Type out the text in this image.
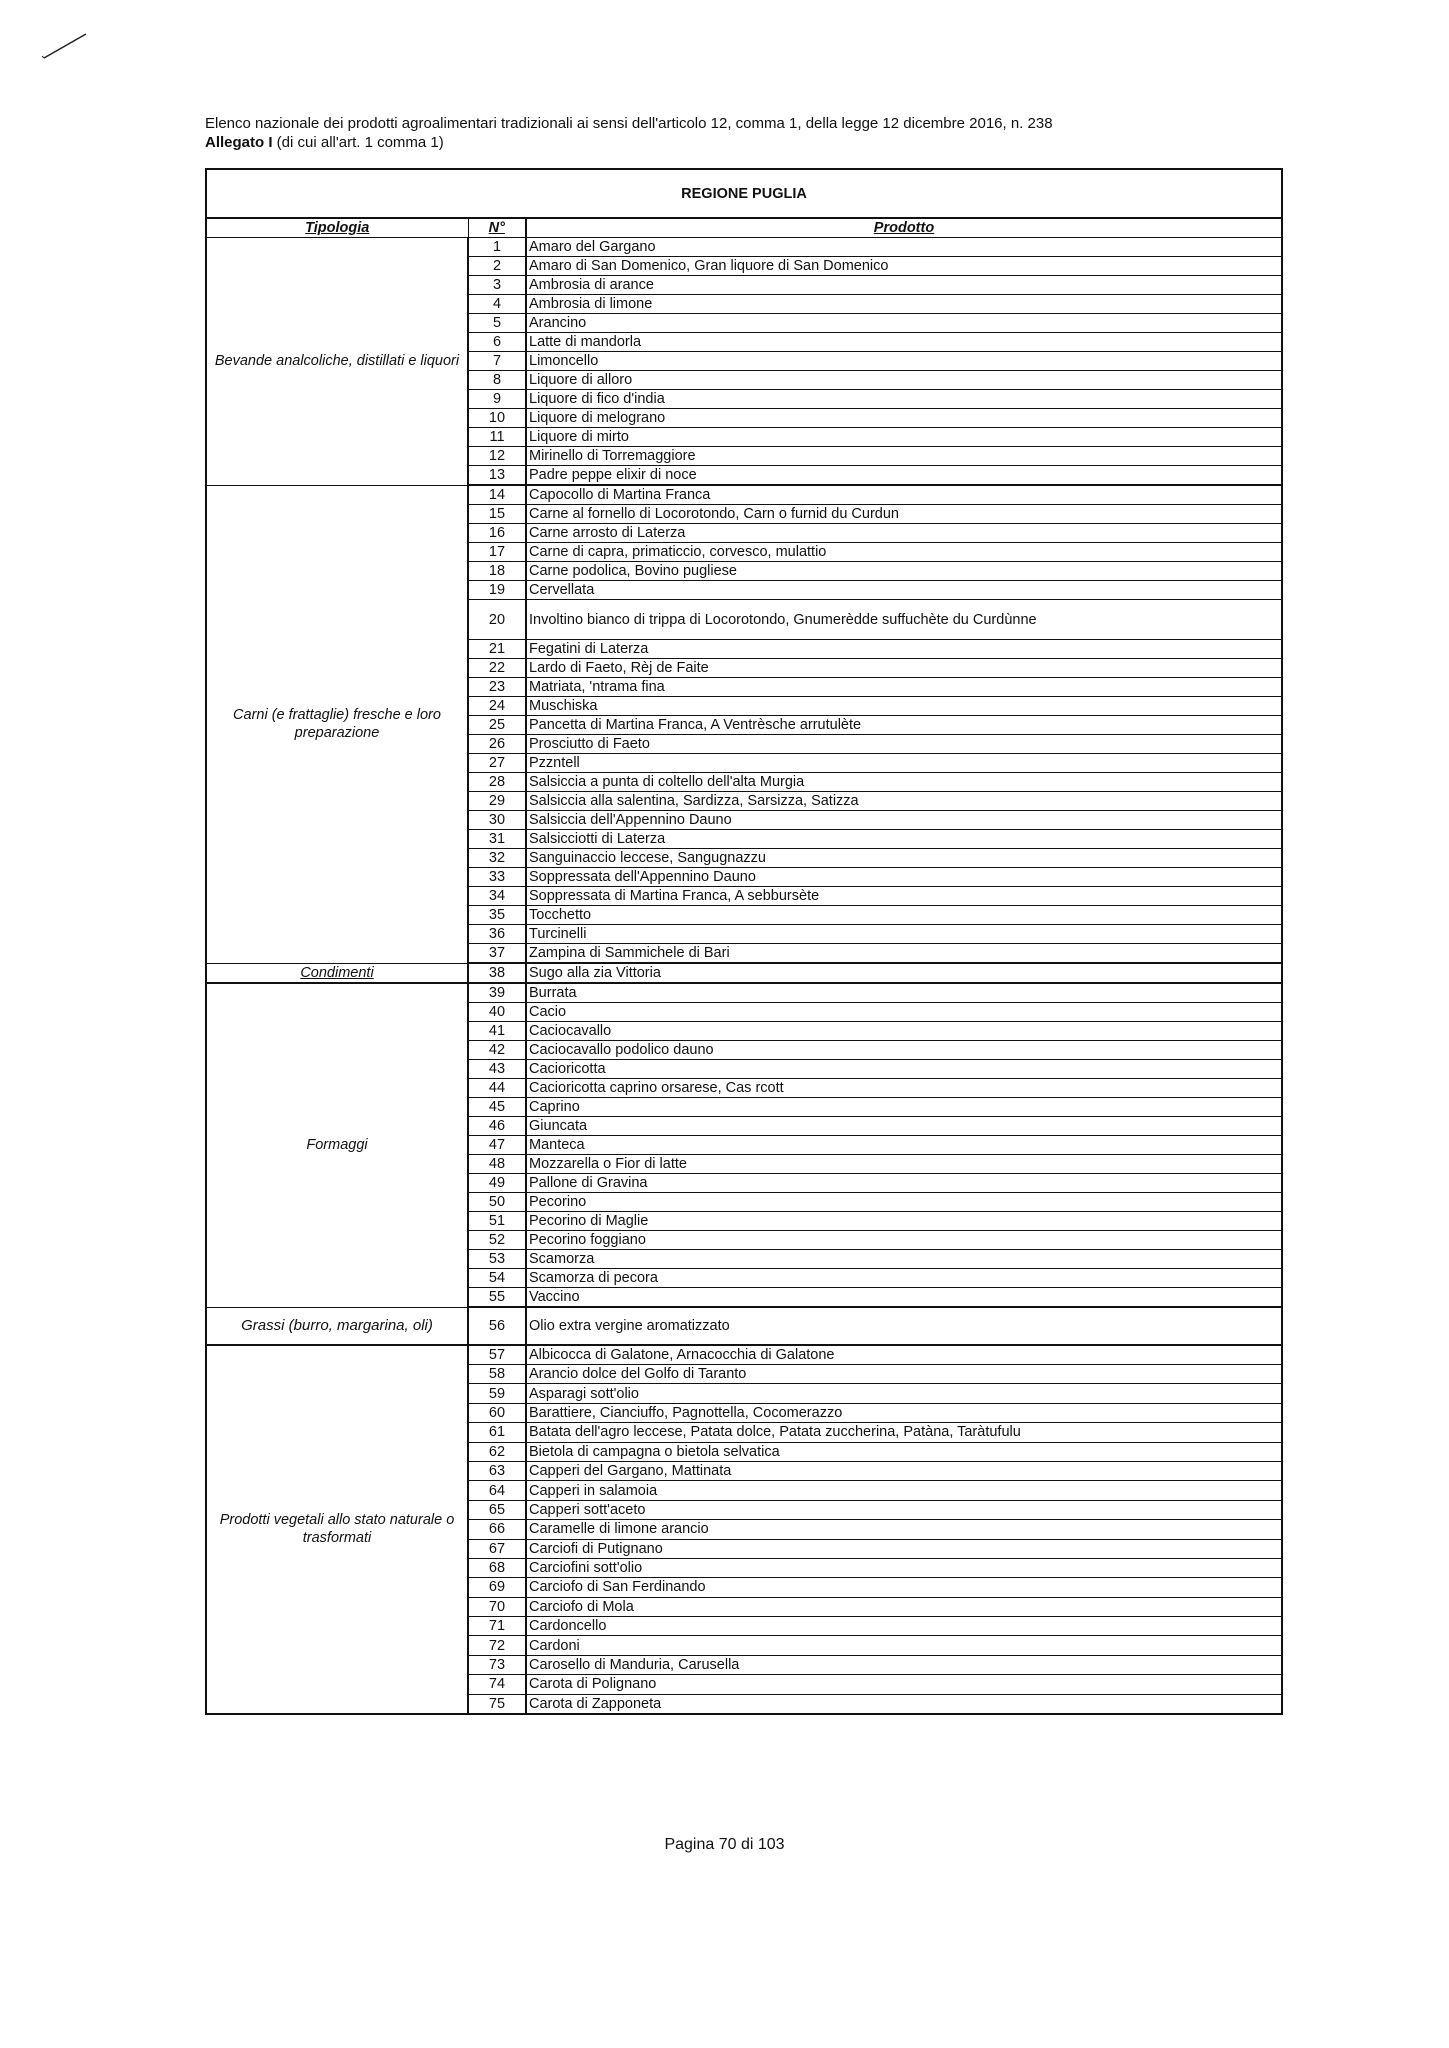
Elenco nazionale dei prodotti agroalimentari tradizionali ai sensi dell'articolo 12, comma 1, della legge 12 dicembre 2016, n. 238
Allegato I (di cui all'art. 1 comma 1)
REGIONE PUGLIA		
Tipologia	N°	Prodotto
Bevande analcoliche, distillati e liquori	1	Amaro del Gargano
	2	Amaro di San Domenico, Gran liquore di San Domenico
	3	Ambrosia di arance
	4	Ambrosia di limone
	5	Arancino
	6	Latte di mandorla
	7	Limoncello
	8	Liquore di alloro
	9	Liquore di fico d'india
	10	Liquore di melograno
	11	Liquore di mirto
	12	Mirinello di Torremaggiore
	13	Padre peppe elixir di noce
Carni (e frattaglie) fresche e loro preparazione	14	Capocollo di Martina Franca
	15	Carne al fornello di Locorotondo, Carn o furnid du Curdun
	16	Carne arrosto di Laterza
	17	Carne di capra, primaticcio, corvesco, mulattio
	18	Carne podolica, Bovino pugliese
	19	Cervellata
	20	Involtino bianco di trippa di Locorotondo, Gnumerèdde suffuchète du Curdùnne
	21	Fegatini di Laterza
	22	Lardo di Faeto, Rèj de Faite
	23	Matriata, 'ntrama fina
	24	Muschiska
	25	Pancetta di Martina Franca, A Ventrèsche arrutulète
	26	Prosciutto di Faeto
	27	Pzzntell
	28	Salsiccia a punta di coltello dell'alta Murgia
	29	Salsiccia alla salentina, Sardizza, Sarsizza, Satizza
	30	Salsiccia dell'Appennino Dauno
	31	Salsicciotti di Laterza
	32	Sanguinaccio leccese, Sangugnazzu
	33	Soppressata dell'Appennino Dauno
	34	Soppressata di Martina Franca, A sebbursète
	35	Tocchetto
	36	Turcinelli
	37	Zampina di Sammichele di Bari
Condimenti	38	Sugo alla zia Vittoria
Formaggi	39	Burrata
	40	Cacio
	41	Caciocavallo
	42	Caciocavallo podolico dauno
	43	Cacioricotta
	44	Cacioricotta caprino orsarese, Cas rcott
	45	Caprino
	46	Giuncata
	47	Manteca
	48	Mozzarella o Fior di latte
	49	Pallone di Gravina
	50	Pecorino
	51	Pecorino di Maglie
	52	Pecorino foggiano
	53	Scamorza
	54	Scamorza di pecora
	55	Vaccino
Grassi (burro, margarina, oli)	56	Olio extra vergine aromatizzato
Prodotti vegetali allo stato naturale o trasformati	57	Albicocca di Galatone, Arnacocchia di Galatone
	58	Arancio dolce del Golfo di Taranto
	59	Asparagi sott'olio
	60	Barattiere, Cianciuffo, Pagnottella, Cocomerazzo
	61	Batata dell'agro leccese, Patata dolce, Patata zuccherina, Patàna, Taràtufulu
	62	Bietola di campagna o bietola selvatica
	63	Capperi del Gargano, Mattinata
	64	Capperi in salamoia
	65	Capperi sott'aceto
	66	Caramelle di limone arancio
	67	Carciofi di Putignano
	68	Carciofini sott'olio
	69	Carciofo di San Ferdinando
	70	Carciofo di Mola
	71	Cardoncello
	72	Cardoni
	73	Carosello di Manduria, Carusella
	74	Carota di Polignano
	75	Carota di Zapponeta
Pagina 70 di 103
